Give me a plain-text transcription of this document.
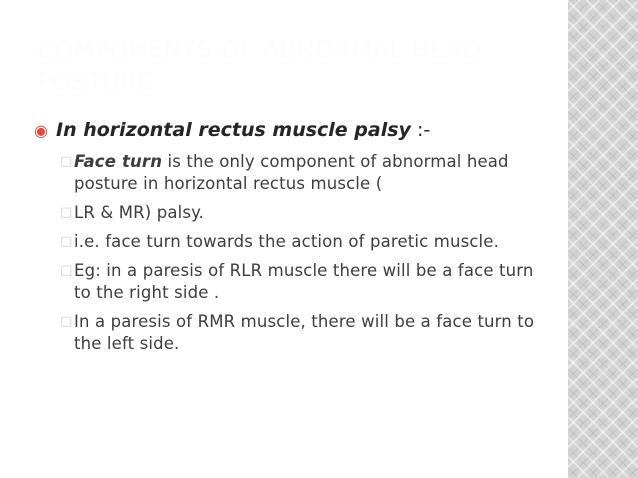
COMPONENTS OF ABNORMAL HEAD POSTURE.
◉ In horizontal rectus muscle palsy :-
□ Face turn is the only component of abnormal head posture in horizontal rectus muscle (
□ LR & MR) palsy.
□ i.e. face turn towards the action of paretic muscle.
□ Eg: in a paresis of RLR muscle there will be a face turn to the right side .
□ In a paresis of RMR muscle, there will be a face turn to the left side.
